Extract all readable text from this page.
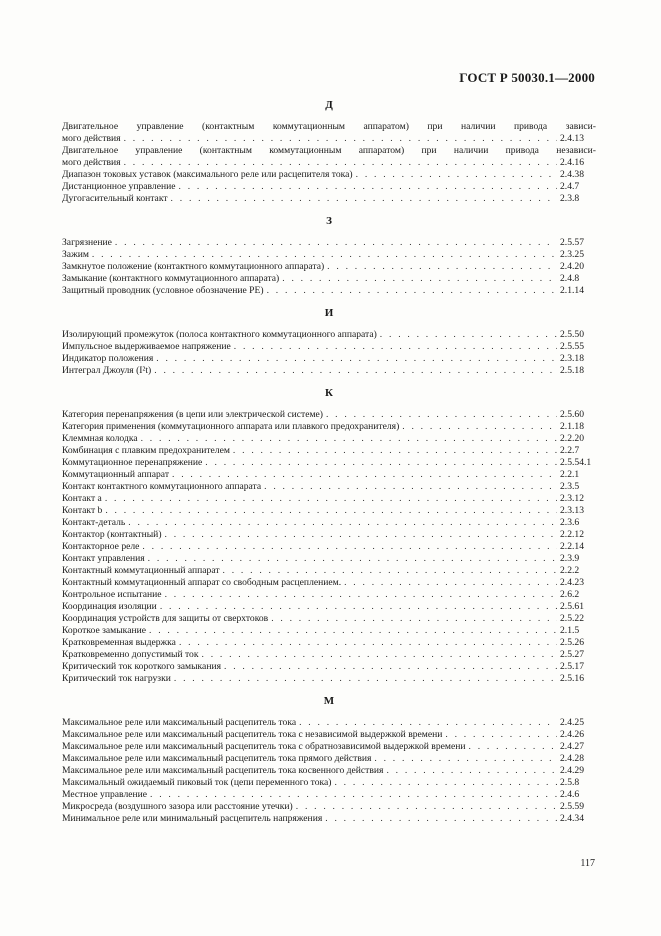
ГОСТ Р 50030.1—2000
Д
Двигательное управление (контактным коммутационным аппаратом) при наличии привода зависи-
мого действия . . .	2.4.13
Двигательное управление (контактным коммутационным аппаратом) при наличии привода независи-
мого действия . . .	2.4.16
Диапазон токовых уставок (максимального реле или расцепителя тока) . . .	2.4.38
Дистанционное управление . . .	2.4.7
Дугогасительный контакт . . .	2.3.8
З
Загрязнение . . .	2.5.57
Зажим . . .	2.3.25
Замкнутое положение (контактного коммутационного аппарата) . . .	2.4.20
Замыкание (контактного коммутационного аппарата) . . .	2.4.8
Защитный проводник (условное обозначение PE) . . .	2.1.14
И
Изолирующий промежуток (полоса контактного коммутационного аппарата) . . .	2.5.50
Импульсное выдерживаемое напряжение . . .	2.5.55
Индикатор положения . . .	2.3.18
Интеграл Джоуля (I²t) . . .	2.5.18
К
Категория перенапряжения (в цепи или электрической системе) . . .	2.5.60
Категория применения (коммутационного аппарата или плавкого предохранителя) . . .	2.1.18
Клеммная колодка . . .	2.2.20
Комбинация с плавким предохранителем . . .	2.2.7
Коммутационное перенапряжение . . .	2.5.54.1
Коммутационный аппарат . . .	2.2.1
Контакт контактного коммутационного аппарата . . .	2.3.5
Контакт a . . .	2.3.12
Контакт b . . .	2.3.13
Контакт-деталь . . .	2.3.6
Контактор (контактный) . . .	2.2.12
Контакторное реле . . .	2.2.14
Контакт управления . . .	2.3.9
Контактный коммутационный аппарат . . .	2.2.2
Контактный коммутационный аппарат со свободным расцеплением. . . .	2.4.23
Контрольное испытание . . .	2.6.2
Координация изоляции . . .	2.5.61
Координация устройств для защиты от сверхтоков . . .	2.5.22
Короткое замыкание . . .	2.1.5
Кратковременная выдержка . . .	2.5.26
Кратковременно допустимый ток . . .	2.5.27
Критический ток короткого замыкания . . .	2.5.17
Критический ток нагрузки . . .	2.5.16
М
Максимальное реле или максимальный расцепитель тока . . .	2.4.25
Максимальное реле или максимальный расцепитель тока с независимой выдержкой времени . . .	2.4.26
Максимальное реле или максимальный расцепитель тока с обратнозависимой выдержкой времени . . .	2.4.27
Максимальное реле или максимальный расцепитель тока прямого действия . . .	2.4.28
Максимальное реле или максимальный расцепитель тока косвенного действия . . .	2.4.29
Максимальный ожидаемый пиковый ток (цепи переменного тока) . . .	2.5.8
Местное управление . . .	2.4.6
Микросреда (воздушного зазора или расстояние утечки) . . .	2.5.59
Минимальное реле или минимальный расцепитель напряжения . . .	2.4.34
117
